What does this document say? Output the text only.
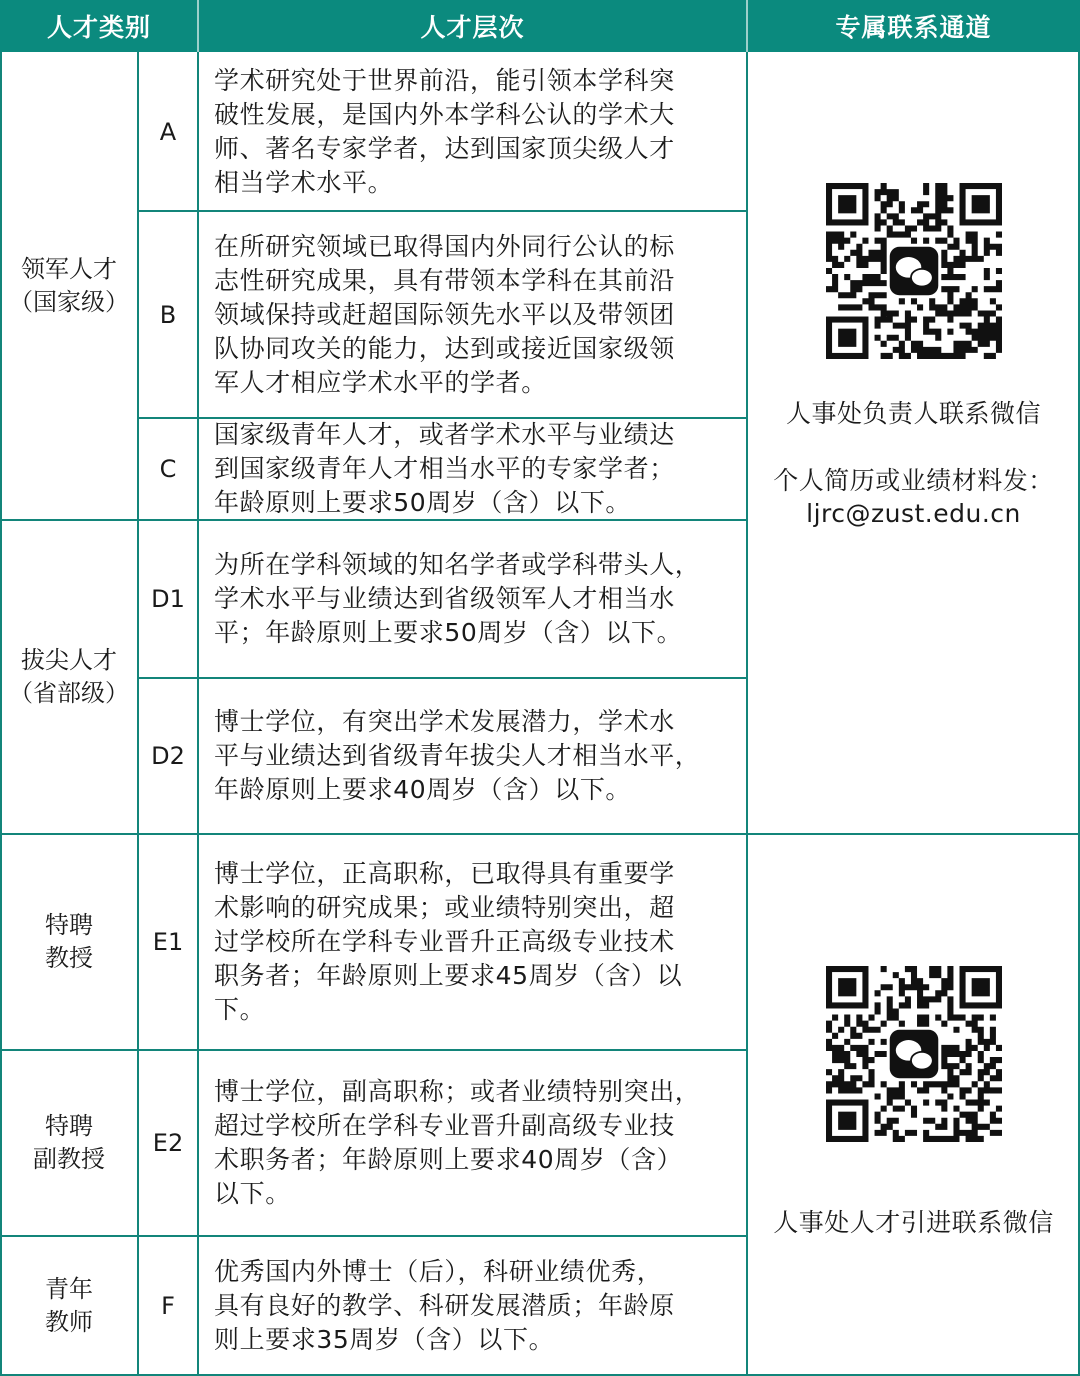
人才类别	人才层次	专属联系通道
领军人才
（国家级）
拔尖人才
（省部级）
特聘
教授
特聘
副教授
青年
教师
A
B
C
D1
D2
E1
E2
F
学术研究处于世界前沿，能引领本学科突
破性发展，是国内外本学科公认的学术大
师、著名专家学者，达到国家顶尖级人才
相当学术水平。
在所研究领域已取得国内外同行公认的标
志性研究成果，具有带领本学科在其前沿
领域保持或赶超国际领先水平以及带领团
队协同攻关的能力，达到或接近国家级领
军人才相应学术水平的学者。
国家级青年人才，或者学术水平与业绩达
到国家级青年人才相当水平的专家学者；
年龄原则上要求50周岁（含）以下。
为所在学科领域的知名学者或学科带头人，
学术水平与业绩达到省级领军人才相当水
平；年龄原则上要求50周岁（含）以下。
博士学位，有突出学术发展潜力，学术水
平与业绩达到省级青年拔尖人才相当水平，
年龄原则上要求40周岁（含）以下。
博士学位，正高职称，已取得具有重要学
术影响的研究成果；或业绩特别突出，超
过学校所在学科专业晋升正高级专业技术
职务者；年龄原则上要求45周岁（含）以
下。
博士学位，副高职称；或者业绩特别突出，
超过学校所在学科专业晋升副高级专业技
术职务者；年龄原则上要求40周岁（含）
以下。
优秀国内外博士（后），科研业绩优秀，
具有良好的教学、科研发展潜质；年龄原
则上要求35周岁（含）以下。
人事处负责人联系微信
个人简历或业绩材料发：
ljrc@zust.edu.cn
人事处人才引进联系微信
